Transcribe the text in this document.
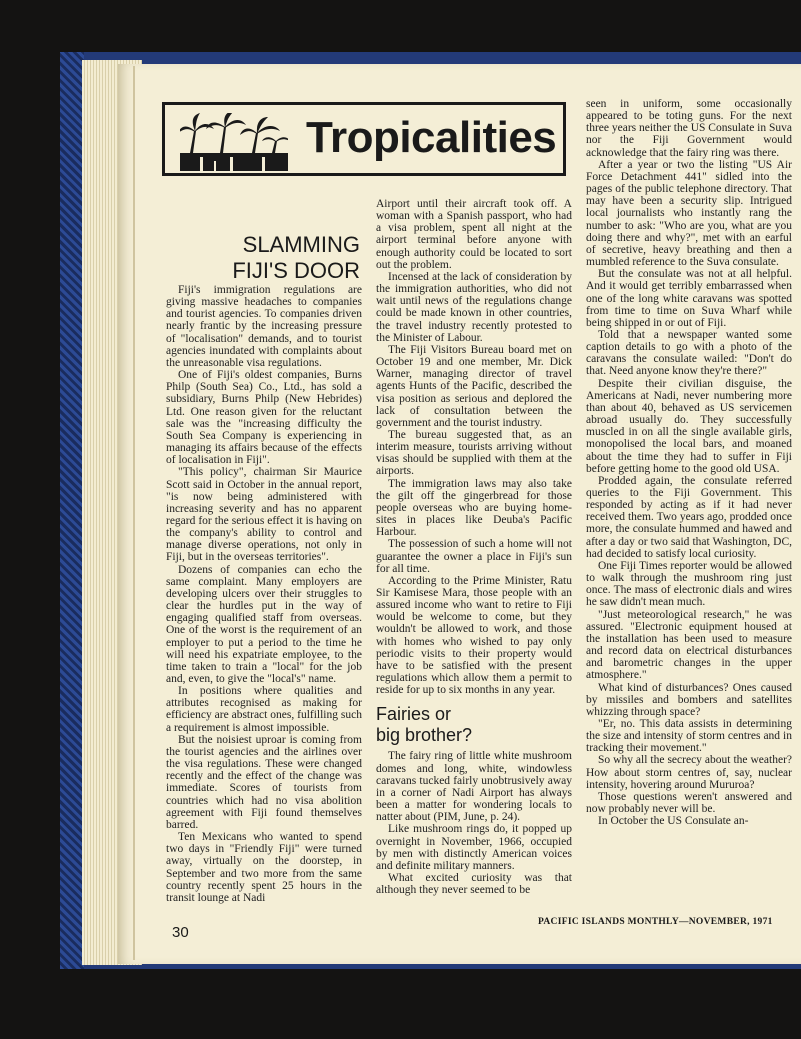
Tropicalities
SLAMMING
FIJI'S DOOR

Fiji's immigration regulations are giving massive headaches to companies and tourist agencies. To companies driven nearly frantic by the increasing pressure of "localisation" demands, and to tourist agencies inundated with complaints about the unreasonable visa regulations.

One of Fiji's oldest companies, Burns Philp (South Sea) Co., Ltd., has sold a subsidiary, Burns Philp (New Hebrides) Ltd. One reason given for the reluctant sale was the "increasing difficulty the South Sea Company is experiencing in managing its affairs because of the effects of localisation in Fiji".

"This policy", chairman Sir Maurice Scott said in October in the annual report, "is now being administered with increasing severity and has no apparent regard for the serious effect it is having on the company's ability to control and manage diverse operations, not only in Fiji, but in the overseas territories".

Dozens of companies can echo the same complaint. Many employers are developing ulcers over their struggles to clear the hurdles put in the way of engaging qualified staff from overseas. One of the worst is the requirement of an employer to put a period to the time he will need his expatriate employee, to the time taken to train a "local" for the job and, even, to give the "local's" name.

In positions where qualities and attributes recognised as making for efficiency are abstract ones, fulfilling such a requirement is almost impossible.

But the noisiest uproar is coming from the tourist agencies and the airlines over the visa regulations. These were changed recently and the effect of the change was immediate. Scores of tourists from countries which had no visa abolition agreement with Fiji found themselves barred.

Ten Mexicans who wanted to spend two days in "Friendly Fiji" were turned away, virtually on the doorstep, in September and two more from the same country recently spent 25 hours in the transit lounge at Nadi

Airport until their aircraft took off. A woman with a Spanish passport, who had a visa problem, spent all night at the airport terminal before anyone with enough authority could be located to sort out the problem.

Incensed at the lack of consideration by the immigration authorities, who did not wait until news of the regulations change could be made known in other countries, the travel industry recently protested to the Minister of Labour.

The Fiji Visitors Bureau board met on October 19 and one member, Mr. Dick Warner, managing director of travel agents Hunts of the Pacific, described the visa position as serious and deplored the lack of consultation between the government and the tourist industry.

The bureau suggested that, as an interim measure, tourists arriving without visas should be supplied with them at the airports.

The immigration laws may also take the gilt off the gingerbread for those people overseas who are buying home-sites in places like Deuba's Pacific Harbour.

The possession of such a home will not guarantee the owner a place in Fiji's sun for all time.

According to the Prime Minister, Ratu Sir Kamisese Mara, those people with an assured income who want to retire to Fiji would be welcome to come, but they wouldn't be allowed to work, and those with homes who wished to pay only periodic visits to their property would have to be satisfied with the present regulations which allow them a permit to reside for up to six months in any year.

Fairies or
big brother?

The fairy ring of little white mushroom domes and long, white, windowless caravans tucked fairly unobtrusively away in a corner of Nadi Airport has always been a matter for wondering locals to natter about (PIM, June, p. 24).

Like mushroom rings do, it popped up overnight in November, 1966, occupied by men with distinctly American voices and definite military manners.

What excited curiosity was that although they never seemed to be

seen in uniform, some occasionally appeared to be toting guns. For the next three years neither the US Consulate in Suva nor the Fiji Government would acknowledge that the fairy ring was there.

After a year or two the listing "US Air Force Detachment 441" sidled into the pages of the public telephone directory. That may have been a security slip. Intrigued local journalists who instantly rang the number to ask: "Who are you, what are you doing there and why?", met with an earful of secretive, heavy breathing and then a mumbled reference to the Suva consulate.

But the consulate was not at all helpful. And it would get terribly embarrassed when one of the long white caravans was spotted from time to time on Suva Wharf while being shipped in or out of Fiji.

Told that a newspaper wanted some caption details to go with a photo of the caravans the consulate wailed: "Don't do that. Need anyone know they're there?"

Despite their civilian disguise, the Americans at Nadi, never numbering more than about 40, behaved as US servicemen abroad usually do. They successfully muscled in on all the single available girls, monopolised the local bars, and moaned about the time they had to suffer in Fiji before getting home to the good old USA.

Prodded again, the consulate referred queries to the Fiji Government. This responded by acting as if it had never received them. Two years ago, prodded once more, the consulate hummed and hawed and after a day or two said that Washington, DC, had decided to satisfy local curiosity.

One Fiji Times reporter would be allowed to walk through the mushroom ring just once. The mass of electronic dials and wires he saw didn't mean much.

"Just meteorological research," he was assured. "Electronic equipment housed at the installation has been used to measure and record data on electrical disturbances and barometric changes in the upper atmosphere."

What kind of disturbances? Ones caused by missiles and bombers and satellites whizzing through space?

"Er, no. This data assists in determining the size and intensity of storm centres and in tracking their movement."

So why all the secrecy about the weather? How about storm centres of, say, nuclear intensity, hovering around Mururoa?

Those questions weren't answered and now probably never will be.

In October the US Consulate an-

30
PACIFIC ISLANDS MONTHLY—NOVEMBER, 1971
